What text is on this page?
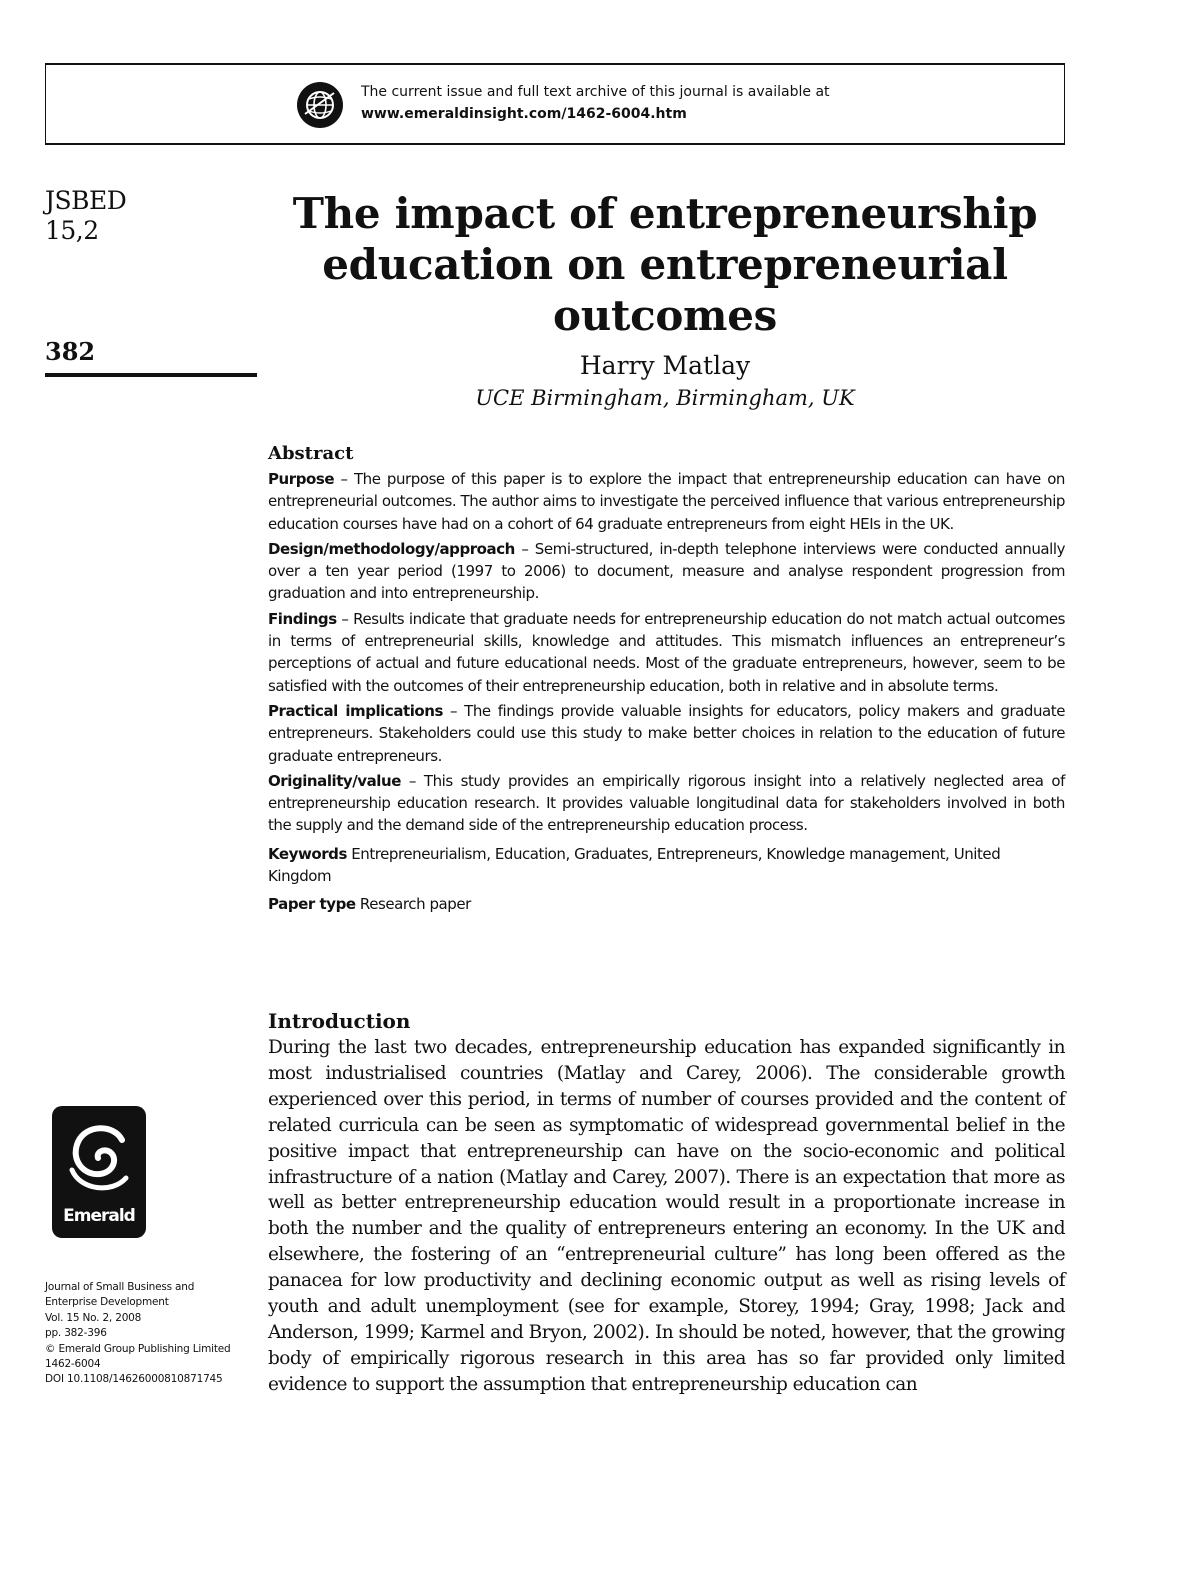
The current issue and full text archive of this journal is available at
www.emeraldinsight.com/1462-6004.htm
JSBED
15,2
382
The impact of entrepreneurship education on entrepreneurial outcomes
Harry Matlay
UCE Birmingham, Birmingham, UK
Abstract

Purpose – The purpose of this paper is to explore the impact that entrepreneurship education can have on entrepreneurial outcomes. The author aims to investigate the perceived influence that various entrepreneurship education courses have had on a cohort of 64 graduate entrepreneurs from eight HEIs in the UK.

Design/methodology/approach – Semi-structured, in-depth telephone interviews were conducted annually over a ten year period (1997 to 2006) to document, measure and analyse respondent progression from graduation and into entrepreneurship.

Findings – Results indicate that graduate needs for entrepreneurship education do not match actual outcomes in terms of entrepreneurial skills, knowledge and attitudes. This mismatch influences an entrepreneur’s perceptions of actual and future educational needs. Most of the graduate entrepreneurs, however, seem to be satisfied with the outcomes of their entrepreneurship education, both in relative and in absolute terms.

Practical implications – The findings provide valuable insights for educators, policy makers and graduate entrepreneurs. Stakeholders could use this study to make better choices in relation to the education of future graduate entrepreneurs.

Originality/value – This study provides an empirically rigorous insight into a relatively neglected area of entrepreneurship education research. It provides valuable longitudinal data for stakeholders involved in both the supply and the demand side of the entrepreneurship education process.

Keywords Entrepreneurialism, Education, Graduates, Entrepreneurs, Knowledge management, United Kingdom

Paper type Research paper

Introduction

During the last two decades, entrepreneurship education has expanded significantly in most industrialised countries (Matlay and Carey, 2006). The considerable growth experienced over this period, in terms of number of courses provided and the content of related curricula can be seen as symptomatic of widespread governmental belief in the positive impact that entrepreneurship can have on the socio-economic and political infrastructure of a nation (Matlay and Carey, 2007). There is an expectation that more as well as better entrepreneurship education would result in a proportionate increase in both the number and the quality of entrepreneurs entering an economy. In the UK and elsewhere, the fostering of an “entrepreneurial culture” has long been offered as the panacea for low productivity and declining economic output as well as rising levels of youth and adult unemployment (see for example, Storey, 1994; Gray, 1998; Jack and Anderson, 1999; Karmel and Bryon, 2002). In should be noted, however, that the growing body of empirically rigorous research in this area has so far provided only limited evidence to support the assumption that entrepreneurship education can

Emerald
Journal of Small Business and
Enterprise Development
Vol. 15 No. 2, 2008
pp. 382-396
© Emerald Group Publishing Limited
1462-6004
DOI 10.1108/14626000810871745
